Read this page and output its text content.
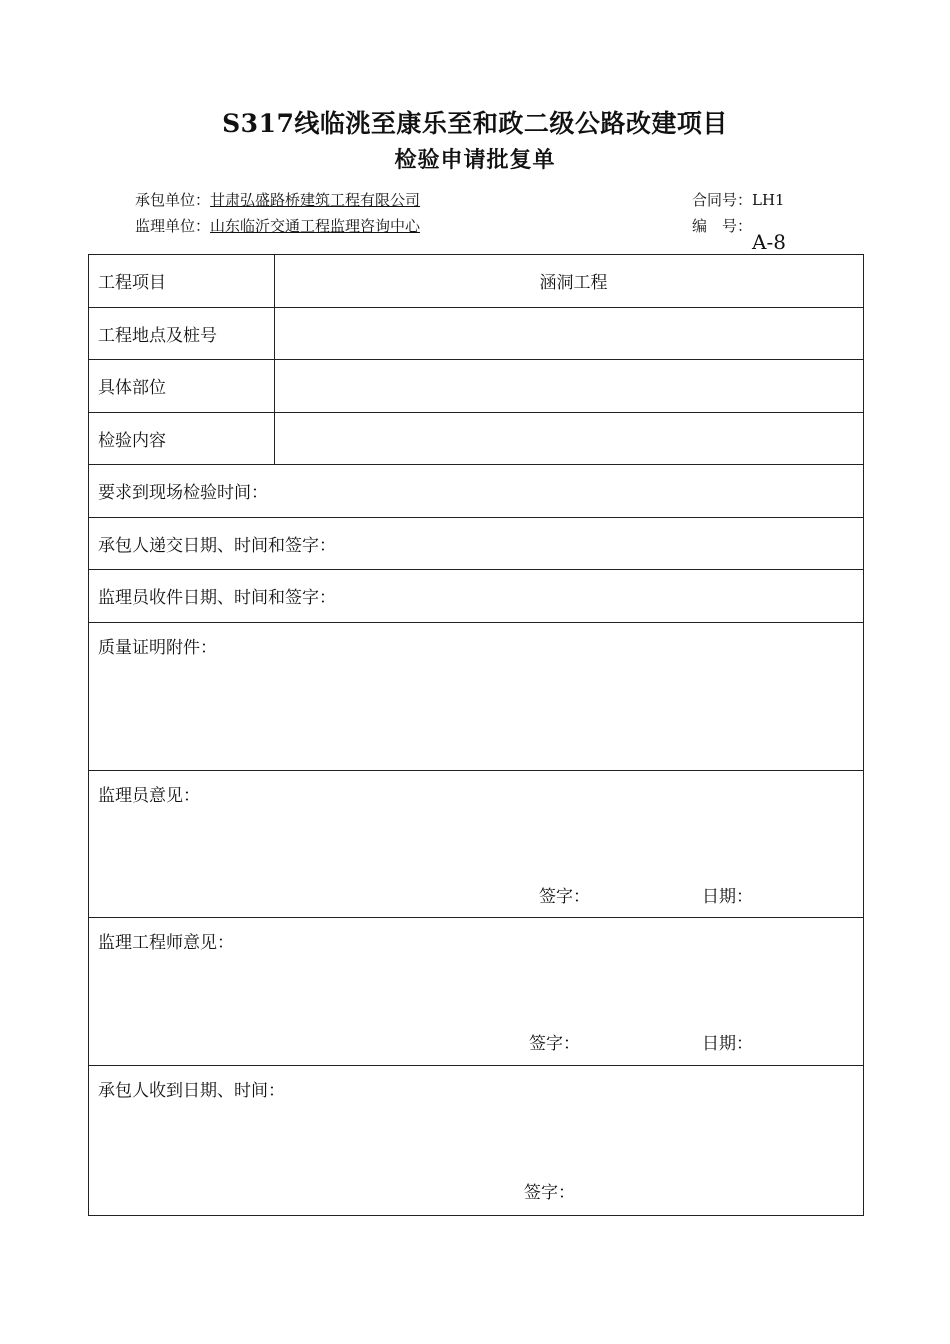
S317线临洮至康乐至和政二级公路改建项目
检验申请批复单
承包单位：甘肃弘盛路桥建筑工程有限公司
监理单位：山东临沂交通工程监理咨询中心
合同号：LH1
编　号：
A-8
工程项目	涵洞工程
工程地点及桩号	
具体部位	
检验内容	
要求到现场检验时间：	
承包人递交日期、时间和签字：	
监理员收件日期、时间和签字：	
质量证明附件：	
监理员意见：
签字： 日期：	

监理工程师意见：
签字： 日期：	

承包人收到日期、时间：
签字：	
